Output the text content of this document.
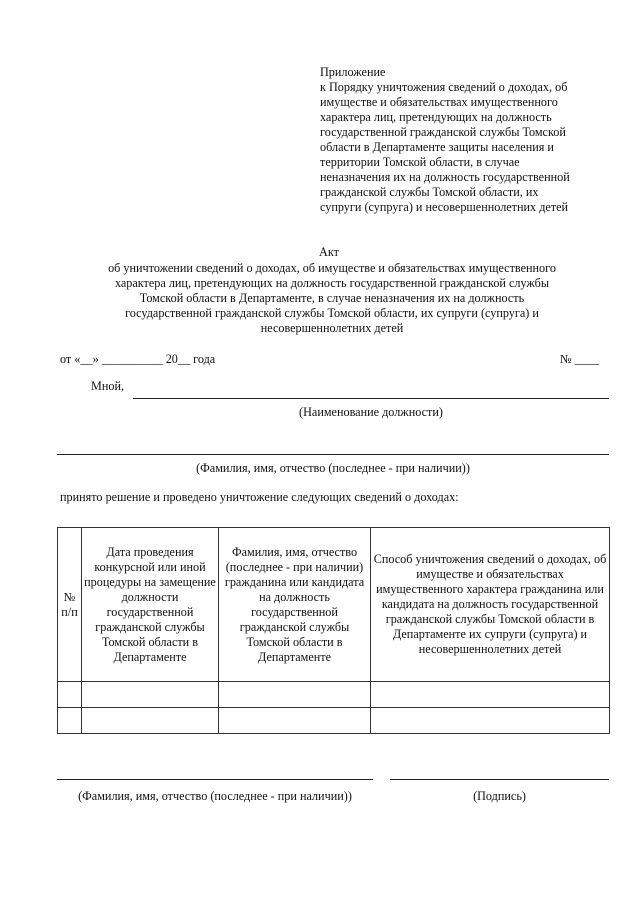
Приложение
к Порядку уничтожения сведений о доходах, об
имуществе и обязательствах имущественного
характера лиц, претендующих на должность
государственной гражданской службы Томской
области в Департаменте защиты населения и
территории Томской области, в случае
неназначения их на должность государственной
гражданской службы Томской области, их
супруги (супруга) и несовершеннолетних детей
Акт
об уничтожении сведений о доходах, об имуществе и обязательствах имущественного
характера лиц, претендующих на должность государственной гражданской службы
Томской области в Департаменте, в случае неназначения их на должность
государственной гражданской службы Томской области, их супруги (супруга) и
несовершеннолетних детей
от «__» __________ 20__ года	№ ____
Мной,
(Наименование должности)
(Фамилия, имя, отчество (последнее - при наличии))
принято решение и проведено уничтожение следующих сведений о доходах:
№ п/п	Дата проведения конкурсной или иной процедуры на замещение должности государственной гражданской службы Томской области в Департаменте	Фамилия, имя, отчество (последнее - при наличии) гражданина или кандидата на должность государственной гражданской службы Томской области в Департаменте	Способ уничтожения сведений о доходах, об имуществе и обязательствах имущественного характера гражданина или кандидата на должность государственной гражданской службы Томской области в Департаменте их супруги (супруга) и несовершеннолетних детей

(Фамилия, имя, отчество (последнее - при наличии))	(Подпись)
